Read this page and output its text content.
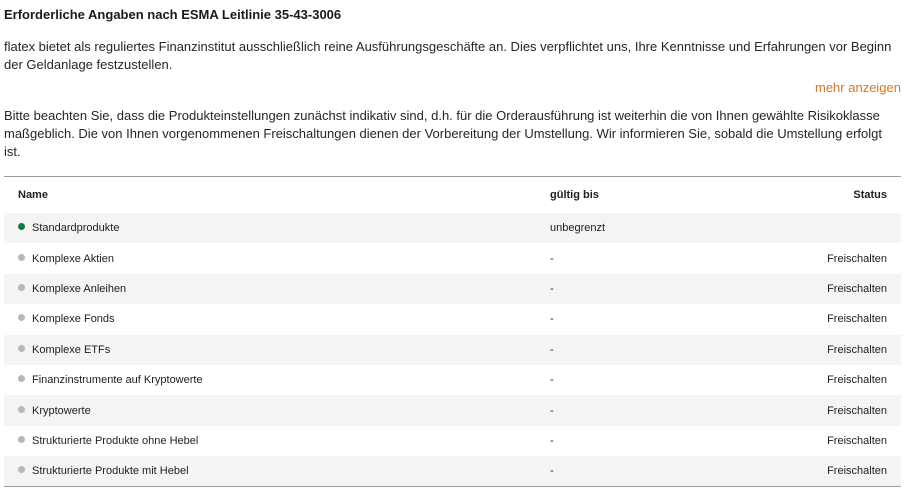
Erforderliche Angaben nach ESMA Leitlinie 35-43-3006

flatex bietet als reguliertes Finanzinstitut ausschließlich reine Ausführungsgeschäfte an. Dies verpflichtet uns, Ihre Kenntnisse und Erfahrungen vor Beginn der Geldanlage festzustellen.

mehr anzeigen

Bitte beachten Sie, dass die Produkteinstellungen zunächst indikativ sind, d.h. für die Orderausführung ist weiterhin die von Ihnen gewählte Risikoklasse maßgeblich. Die von Ihnen vorgenommenen Freischaltungen dienen der Vorbereitung der Umstellung. Wir informieren Sie, sobald die Umstellung erfolgt ist.

Name	gültig bis	Status
Standardprodukte	unbegrenzt	
Komplexe Aktien	-	Freischalten
Komplexe Anleihen	-	Freischalten
Komplexe Fonds	-	Freischalten
Komplexe ETFs	-	Freischalten
Finanzinstrumente auf Kryptowerte	-	Freischalten
Kryptowerte	-	Freischalten
Strukturierte Produkte ohne Hebel	-	Freischalten
Strukturierte Produkte mit Hebel	-	Freischalten
